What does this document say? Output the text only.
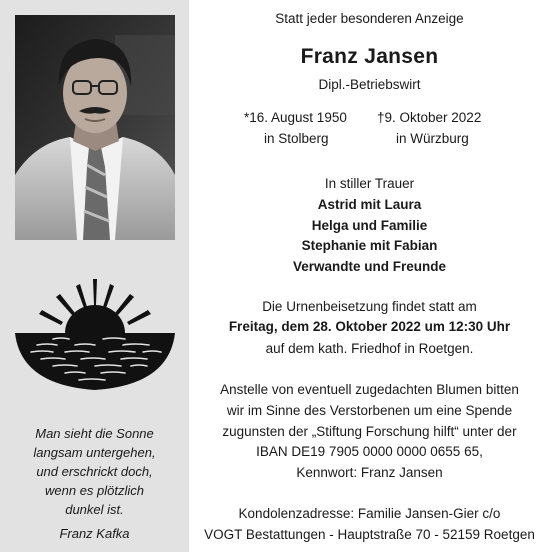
Man sieht die Sonne
langsam untergehen,
und erschrickt doch,
wenn es plötzlich
dunkel ist.
Franz Kafka
Statt jeder besonderen Anzeige
Franz Jansen
Dipl.-Betriebswirt
*16. August 1950
in Stolberg
†9. Oktober 2022
in Würzburg
In stiller Trauer
Astrid mit Laura
Helga und Familie
Stephanie mit Fabian
Verwandte und Freunde
Die Urnenbeisetzung findet statt am
Freitag, dem 28. Oktober 2022 um 12:30 Uhr
auf dem kath. Friedhof in Roetgen.
Anstelle von eventuell zugedachten Blumen bitten
wir im Sinne des Verstorbenen um eine Spende
zugunsten der „Stiftung Forschung hilft“ unter der
IBAN DE19 7905 0000 0000 0655 65,
Kennwort: Franz Jansen
Kondolenzadresse: Familie Jansen-Gier c/o
VOGT Bestattungen - Hauptstraße 70 - 52159 Roetgen
